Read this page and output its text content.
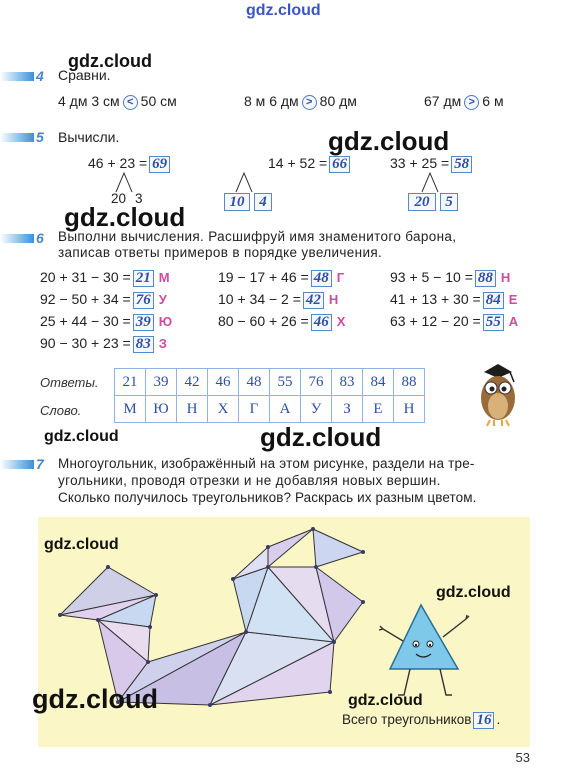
gdz.cloud
gdz.cloud
gdz.cloud
gdz.cloud
4 Сравни.
4 дм 3 см < 50 см	8 м 6 дм > 80 дм	67 дм > 6 м
5 Вычисли.
46 + 23 = 69	14 + 52 = 66	33 + 25 = 58
20 3	10 4	20	5
6 Выполни вычисления. Расшифруй имя знаменитого барона,
записав ответы примеров в порядке увеличения.
20 + 31 − 30 = 21 М	19 − 17 + 46 = 48 Г	93 + 5 − 10 = 88 Н
92 − 50 + 34 = 76 У	10 + 34 − 2 = 42 Н	41 + 13 + 30 = 84 Е
25 + 44 − 30 = 39 Ю	80 − 60 + 26 = 46 Х	63 + 12 − 20 = 55 А
90 − 30 + 23 = 83 З
Ответы.
Слово.
21	39	42	46	48	55	76	83	84	88
М	Ю	Н	Х	Г	А	У	З	Е	Н
gdz.cloud	gdz.cloud
7 Многоугольник, изображённый на этом рисунке, раздели на тре-
угольники, проводя отрезки и не добавляя новых вершин.
Сколько получилось треугольников? Раскрась их разным цветом.
gdz.cloud
gdz.cloud
gdz.cloud	gdz.cloud
Всего треугольников 16 .
53
